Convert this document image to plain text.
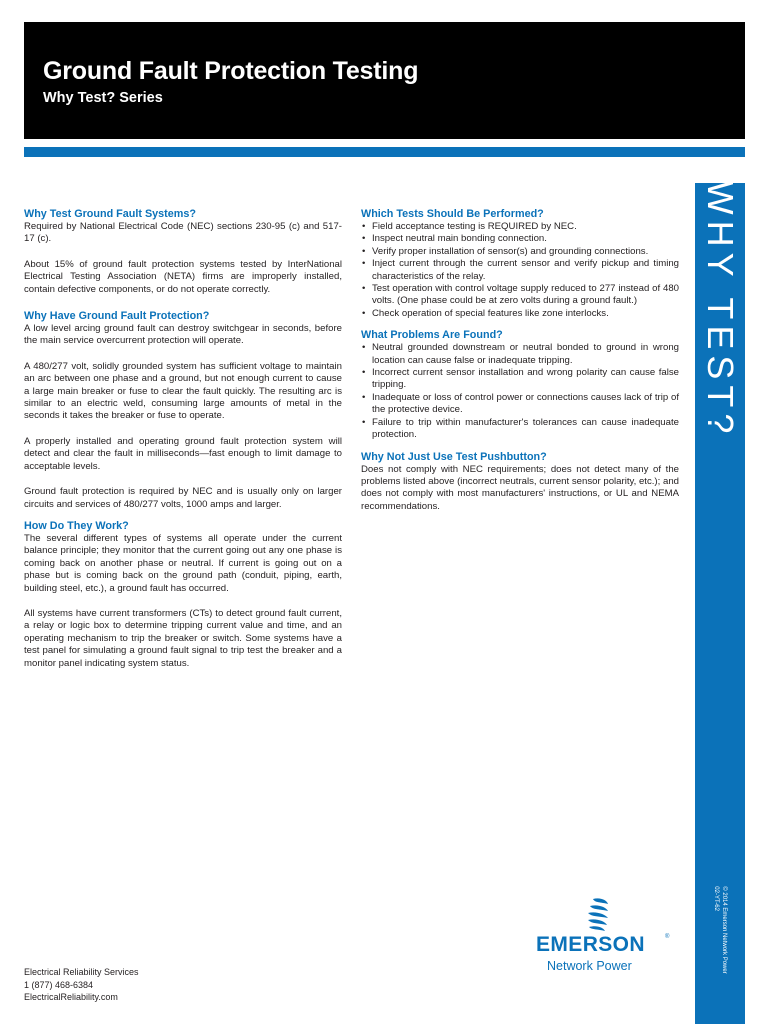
Ground Fault Protection Testing
Why Test? Series
WHY TEST?
© 2014 Emerson Network Power
02-YT-62
Why Test Ground Fault Systems?

Required by National Electrical Code (NEC) sections 230-95 (c) and 517-17 (c).

About 15% of ground fault protection systems tested by InterNational Electrical Testing Association (NETA) firms are improperly installed, contain defective components, or do not operate correctly.

Why Have Ground Fault Protection?

A low level arcing ground fault can destroy switchgear in seconds, before the main service overcurrent protection will operate.

A 480/277 volt, solidly grounded system has sufficient voltage to maintain an arc between one phase and a ground, but not enough current to cause a large main breaker or fuse to clear the fault quickly. The resulting arc is similar to an electric weld, consuming large amounts of metal in the seconds it takes the breaker or fuse to operate.

A properly installed and operating ground fault protection system will detect and clear the fault in milliseconds—fast enough to limit damage to acceptable levels.

Ground fault protection is required by NEC and is usually only on larger circuits and services of 480/277 volts, 1000 amps and larger.

How Do They Work?

The several different types of systems all operate under the current balance principle; they monitor that the current going out any one phase is coming back on another phase or neutral. If current is going out on a phase but is coming back on the ground path (conduit, piping, earth, building steel, etc.), a ground fault has occurred.

All systems have current transformers (CTs) to detect ground fault current, a relay or logic box to determine tripping current value and time, and an operating mechanism to trip the breaker or switch. Some systems have a test panel for simulating a ground fault signal to trip test the breaker and a monitor panel indicating system status.

Which Tests Should Be Performed?
• Field acceptance testing is REQUIRED by NEC.
• Inspect neutral main bonding connection.
• Verify proper installation of sensor(s) and grounding connections.
• Inject current through the current sensor and verify pickup and timing characteristics of the relay.
• Test operation with control voltage supply reduced to 277 instead of 480 volts. (One phase could be at zero volts during a ground fault.)
• Check operation of special features like zone interlocks.
What Problems Are Found?
• Neutral grounded downstream or neutral bonded to ground in wrong location can cause false or inadequate tripping.
• Incorrect current sensor installation and wrong polarity can cause false tripping.
• Inadequate or loss of control power or connections causes lack of trip of the protective device.
• Failure to trip within manufacturer's tolerances can cause inadequate protection.
Why Not Just Use Test Pushbutton?

Does not comply with NEC requirements; does not detect many of the problems listed above (incorrect neutrals, current sensor polarity, etc.); and does not comply with most manufacturers' instructions, or UL and NEMA recommendations.

Electrical Reliability Services
1 (877) 468-6384
ElectricalReliability.com
EMERSON	®
Network Power
